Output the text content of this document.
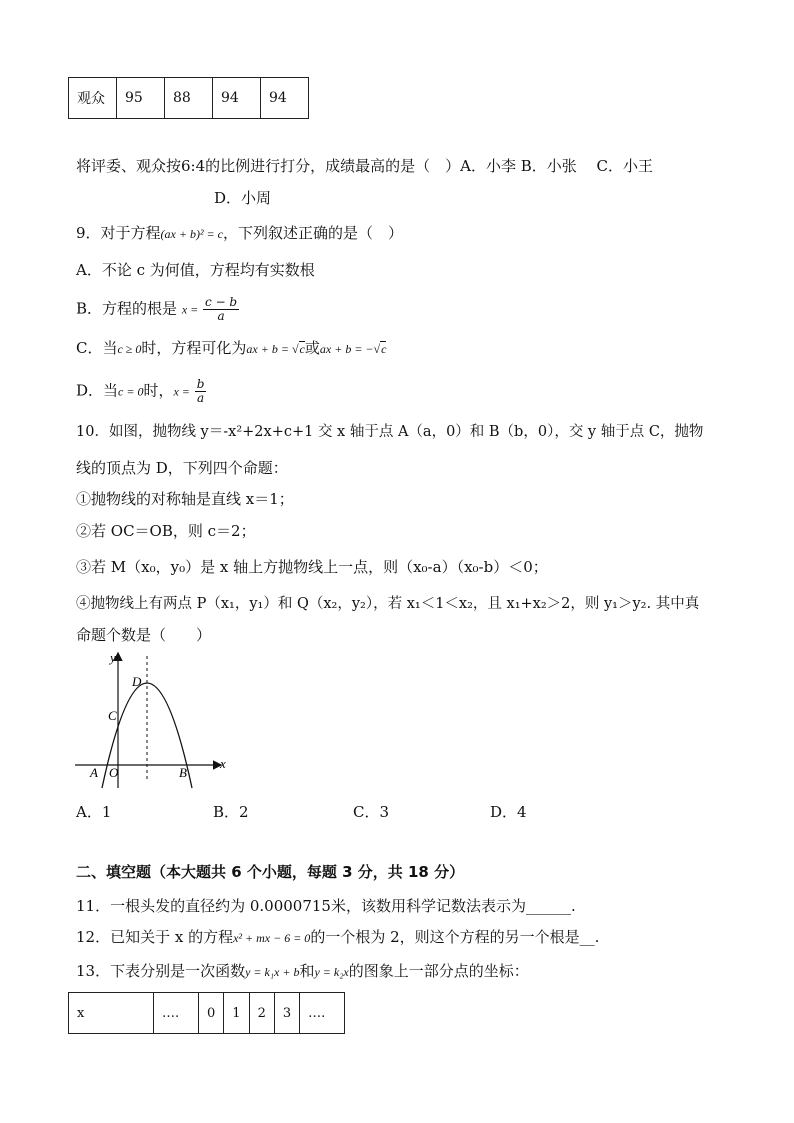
观众	95	88	94	94
将评委、观众按6:4的比例进行打分，成绩最高的是（　）A．小李 B．小张　 C．小王
D．小周
9．对于方程(ax + b)² = c，下列叙述正确的是（　）
A．不论 c 为何值，方程均有实数根
B．方程的根是 $x = \frac{c - b}{a}$
C．当c ≥ 0时，方程可化为ax + b = √c或ax + b = −√c
D．当c = 0时，$x = \frac{b}{a}$
10．如图，抛物线 y＝-x²+2x+c+1 交 x 轴于点 A（a，0）和 B（b，0），交 y 轴于点 C，抛物
线的顶点为 D，下列四个命题：
①抛物线的对称轴是直线 x＝1；
②若 OC＝OB，则 c＝2；
③若 M（x₀，y₀）是 x 轴上方抛物线上一点，则（x₀-a）（x₀-b）＜0；
④抛物线上有两点 P（x₁，y₁）和 Q（x₂，y₂），若 x₁＜1＜x₂，且 x₁+x₂＞2，则 y₁＞y₂. 其中真
命题个数是（　　）
y
x
D
C
A O	B
A．1	B．2	C．3	D．4
二、填空题（本大题共 6 个小题，每题 3 分，共 18 分）
11．一根头发的直径约为 0.0000715米，该数用科学记数法表示为______.
12．已知关于 x 的方程x² + mx − 6 = 0的一个根为 2，则这个方程的另一个根是__.
13．下表分别是一次函数y = k₁x + b和y = k₂x的图象上一部分点的坐标：
x	….	0	1	2	3	….
